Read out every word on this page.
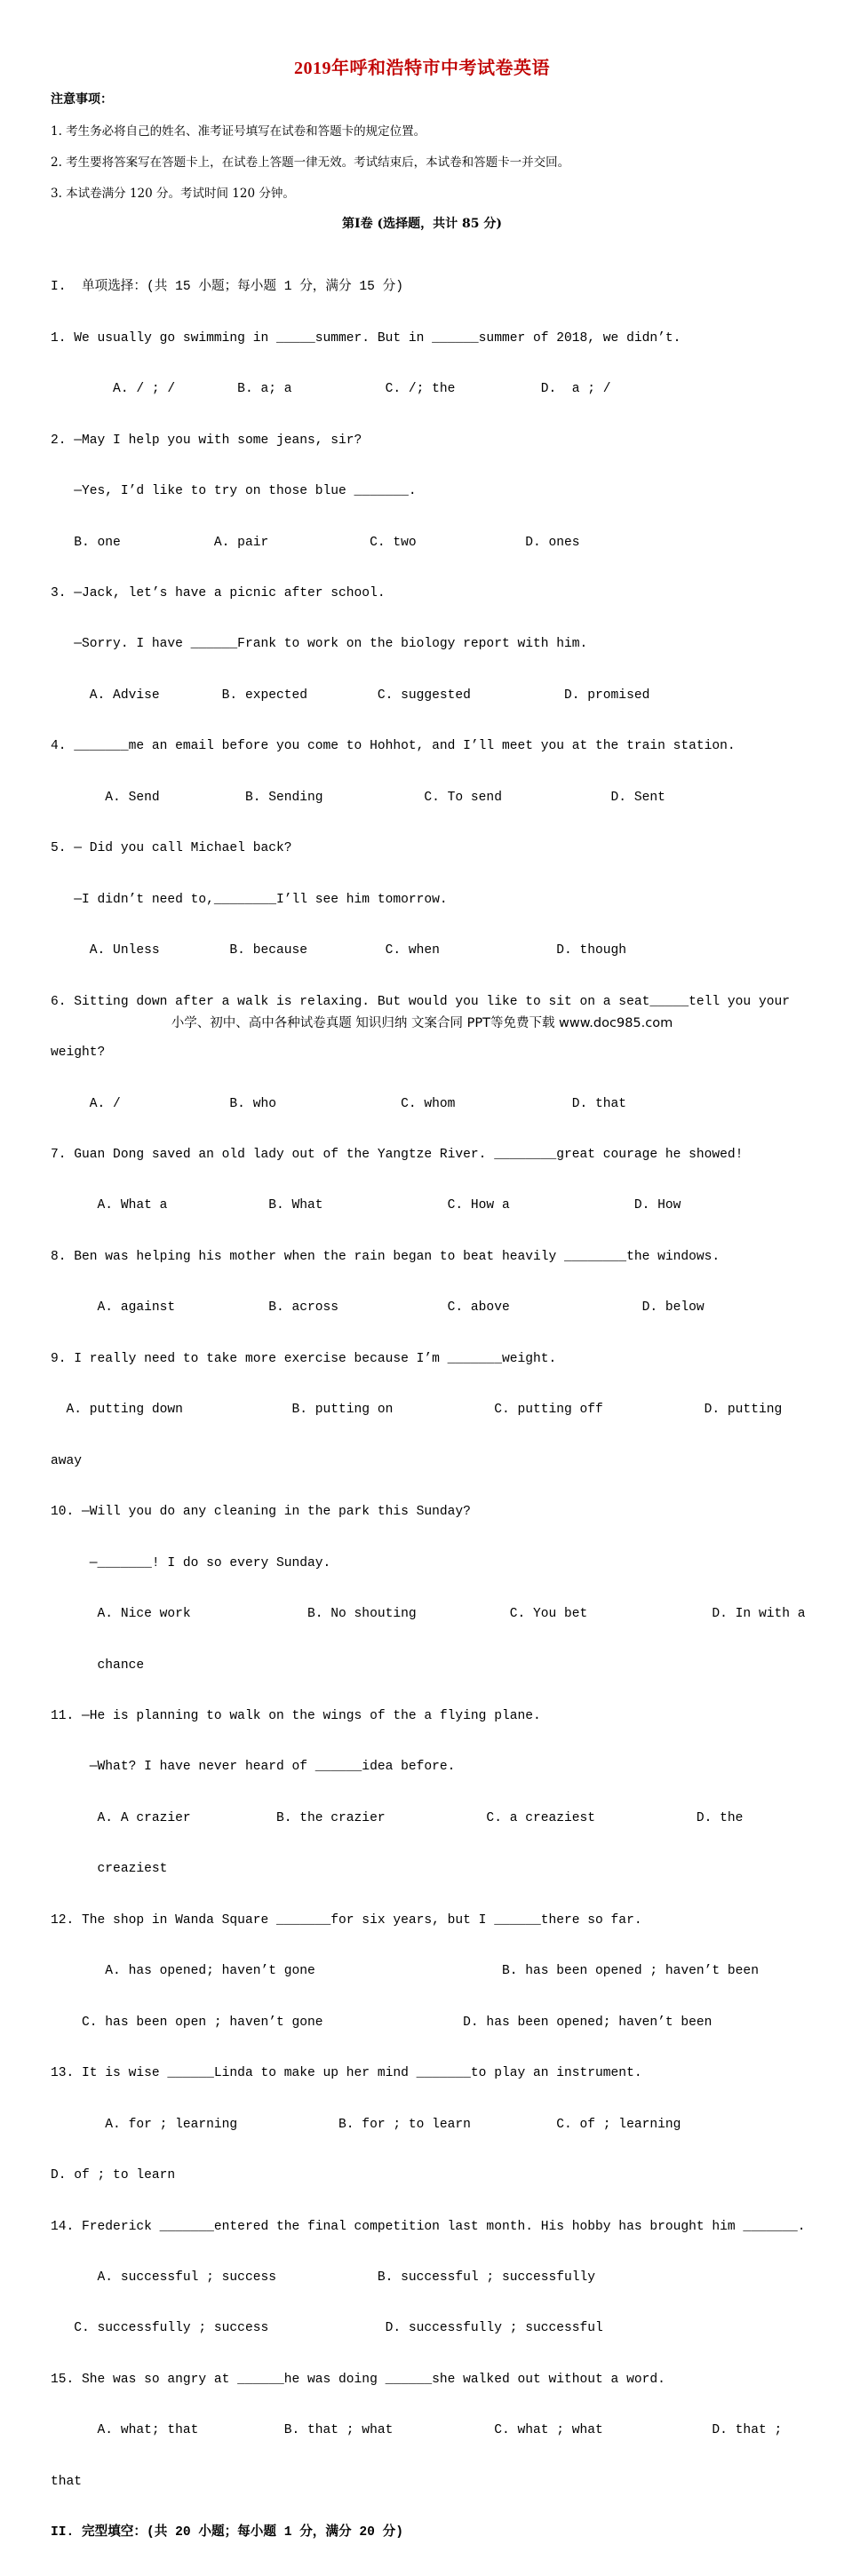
2019年呼和浩特市中考试卷英语
注意事项：
1. 考生务必将自己的姓名、准考证号填写在试卷和答题卡的规定位置。
2. 考生要将答案写在答题卡上，在试卷上答题一律无效。考试结束后，本试卷和答题卡一并交回。
3. 本试卷满分 120 分。考试时间 120 分钟。
第Ⅰ卷 (选择题，共计 85 分)

I.  单项选择：(共 15 小题；每小题 1 分，满分 15 分)

1. We usually go swimming in _____summer. But in ______summer of 2018, we didn’t.

A. / ; /        B. a; a            C. /; the           D.  a ; /

2. —May I help you with some jeans, sir?

—Yes, I’d like to try on those blue _______.

B. one            A. pair             C. two              D. ones

3. —Jack, let’s have a picnic after school.

—Sorry. I have ______Frank to work on the biology report with him.

A. Advise        B. expected         C. suggested            D. promised

4. _______me an email before you come to Hohhot, and I’ll meet you at the train station.

A. Send           B. Sending             C. To send              D. Sent

5. — Did you call Michael back?

—I didn’t need to,________I’ll see him tomorrow.

A. Unless         B. because          C. when               D. though

6. Sitting down after a walk is relaxing. But would you like to sit on a seat_____tell you your

weight?

A. /              B. who                C. whom               D. that

7. Guan Dong saved an old lady out of the Yangtze River. ________great courage he showed!

A. What a             B. What                C. How a                D. How

8. Ben was helping his mother when the rain began to beat heavily ________the windows.

A. against            B. across              C. above                 D. below

9. I really need to take more exercise because I’m _______weight.

A. putting down              B. putting on             C. putting off             D. putting

away

10. —Will you do any cleaning in the park this Sunday?

—_______! I do so every Sunday.

A. Nice work               B. No shouting            C. You bet                D. In with a

chance

11. —He is planning to walk on the wings of the a flying plane.

—What? I have never heard of ______idea before.

A. A crazier           B. the crazier             C. a creaziest             D. the

creaziest

12. The shop in Wanda Square _______for six years, but I ______there so far.

A. has opened; haven’t gone                        B. has been opened ; haven’t been

C. has been open ; haven’t gone                  D. has been opened; haven’t been

13. It is wise ______Linda to make up her mind _______to play an instrument.

A. for ; learning             B. for ; to learn           C. of ; learning

D. of ; to learn

14. Frederick _______entered the final competition last month. His hobby has brought him _______.

A. successful ; success             B. successful ; successfully

C. successfully ; success               D. successfully ; successful

15. She was so angry at ______he was doing ______she walked out without a word.

A. what; that           B. that ; what             C. what ; what              D. that ;

that

II. 完型填空：(共 20 小题；每小题 1 分，满分 20 分)

小学、初中、高中各种试卷真题 知识归纳 文案合同 PPT等免费下载 www.doc985.com
